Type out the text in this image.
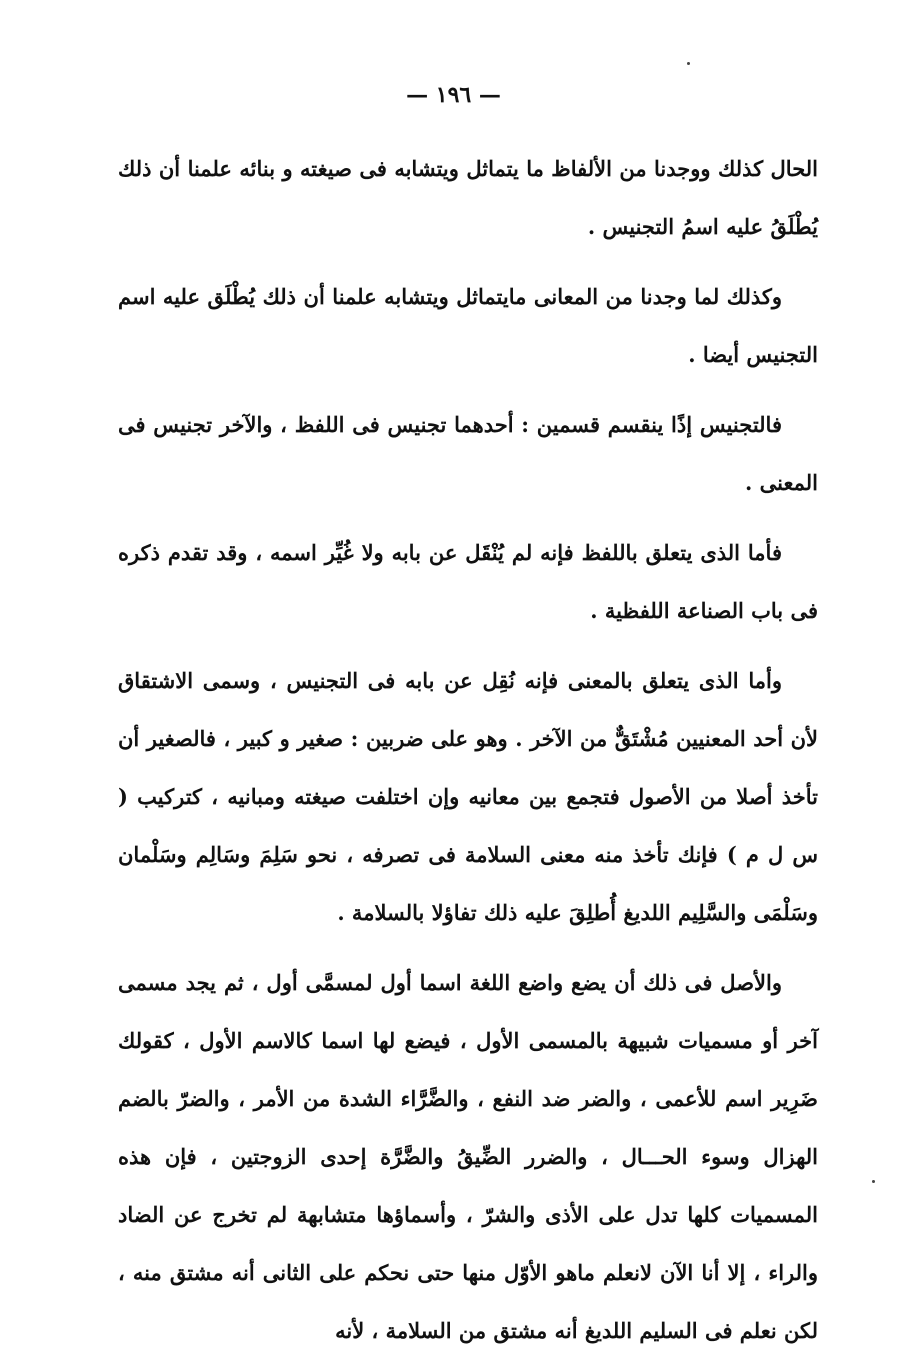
— ١٩٦ —

الحال كذلك ووجدنا من الألفاظ ما يتماثل ويتشابه فى صيغته و بنائه علمنا أن ذلك يُطْلَقُ عليه اسمُ التجنيس .

وكذلك لما وجدنا من المعانى مايتماثل ويتشابه علمنا أن ذلك يُطْلَق عليه اسم التجنيس أيضا .

فالتجنيس إذًا ينقسم قسمين : أحدهما تجنيس فى اللفظ ، والآخر تجنيس فى المعنى .

فأما الذى يتعلق باللفظ فإنه لم يُنْقَل عن بابه ولا غُيِّر اسمه ، وقد تقدم ذكره فى باب الصناعة اللفظية .

وأما الذى يتعلق بالمعنى فإنه نُقِل عن بابه فى التجنيس ، وسمى الاشتقاق لأن أحد المعنيين مُشْتَقٌّ من الآخر . وهو على ضربين : صغير و كبير ، فالصغير أن تأخذ أصلا من الأصول فتجمع بين معانيه وإن اختلفت صيغته ومبانيه ، كتركيب ( س ل م ) فإنك تأخذ منه معنى السلامة فى تصرفه ، نحو سَلِمَ وسَالِم وسَلْمان وسَلْمَى والسَّلِيم اللديغ أُطلِقَ عليه ذلك تفاؤلا بالسلامة .

والأصل فى ذلك أن يضع واضع اللغة اسما أول لمسمَّى أول ، ثم يجد مسمى آخر أو مسميات شبيهة بالمسمى الأول ، فيضع لها اسما كالاسم الأول ، كقولك ضَرِير اسم للأعمى ، والضر ضد النفع ، والضَّرَّاء الشدة من الأمر ، والضرّ بالضم الهزال وسوء الحـــال ، والضرر الضِّيقُ والضَّرَّة إحدى الزوجتين ، فإن هذه المسميات كلها تدل على الأذى والشرّ ، وأسماؤها متشابهة لم تخرج عن الضاد والراء ، إلا أنا الآن لانعلم ماهو الأوّل منها حتى نحكم على الثانى أنه مشتق منه ، لكن نعلم فى السليم اللديغ أنه مشتق من السلامة ، لأنه
